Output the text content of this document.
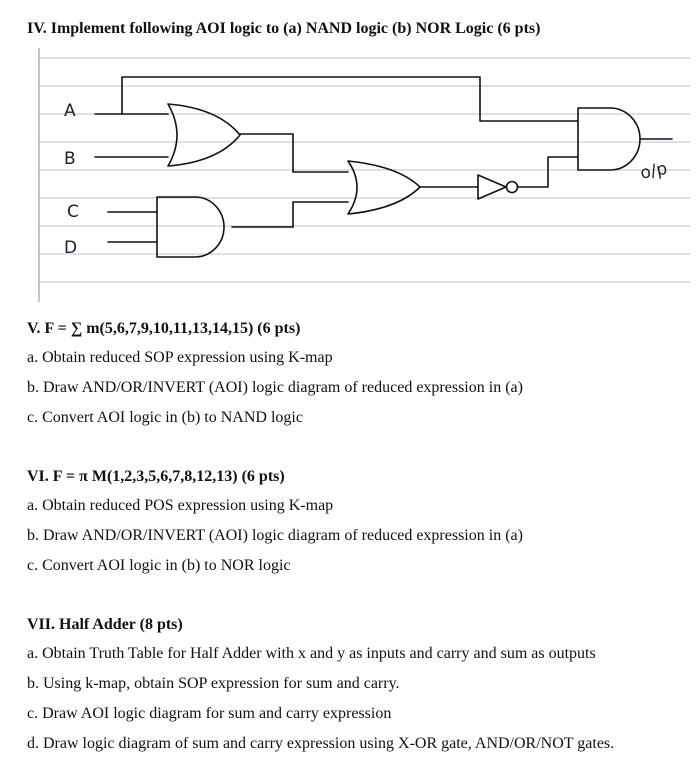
IV. Implement following AOI logic to (a) NAND logic (b) NOR Logic (6 pts)
A
B
C
D
o/p
V. F = ∑ m(5,6,7,9,10,11,13,14,15) (6 pts)
a. Obtain reduced SOP expression using K-map
b. Draw AND/OR/INVERT (AOI) logic diagram of reduced expression in (a)
c. Convert AOI logic in (b) to NAND logic
VI. F = π M(1,2,3,5,6,7,8,12,13) (6 pts)
a. Obtain reduced POS expression using K-map
b. Draw AND/OR/INVERT (AOI) logic diagram of reduced expression in (a)
c. Convert AOI logic in (b) to NOR logic
VII. Half Adder (8 pts)
a. Obtain Truth Table for Half Adder with x and y as inputs and carry and sum as outputs
b. Using k-map, obtain SOP expression for sum and carry.
c. Draw AOI logic diagram for sum and carry expression
d. Draw logic diagram of sum and carry expression using X-OR gate, AND/OR/NOT gates.
